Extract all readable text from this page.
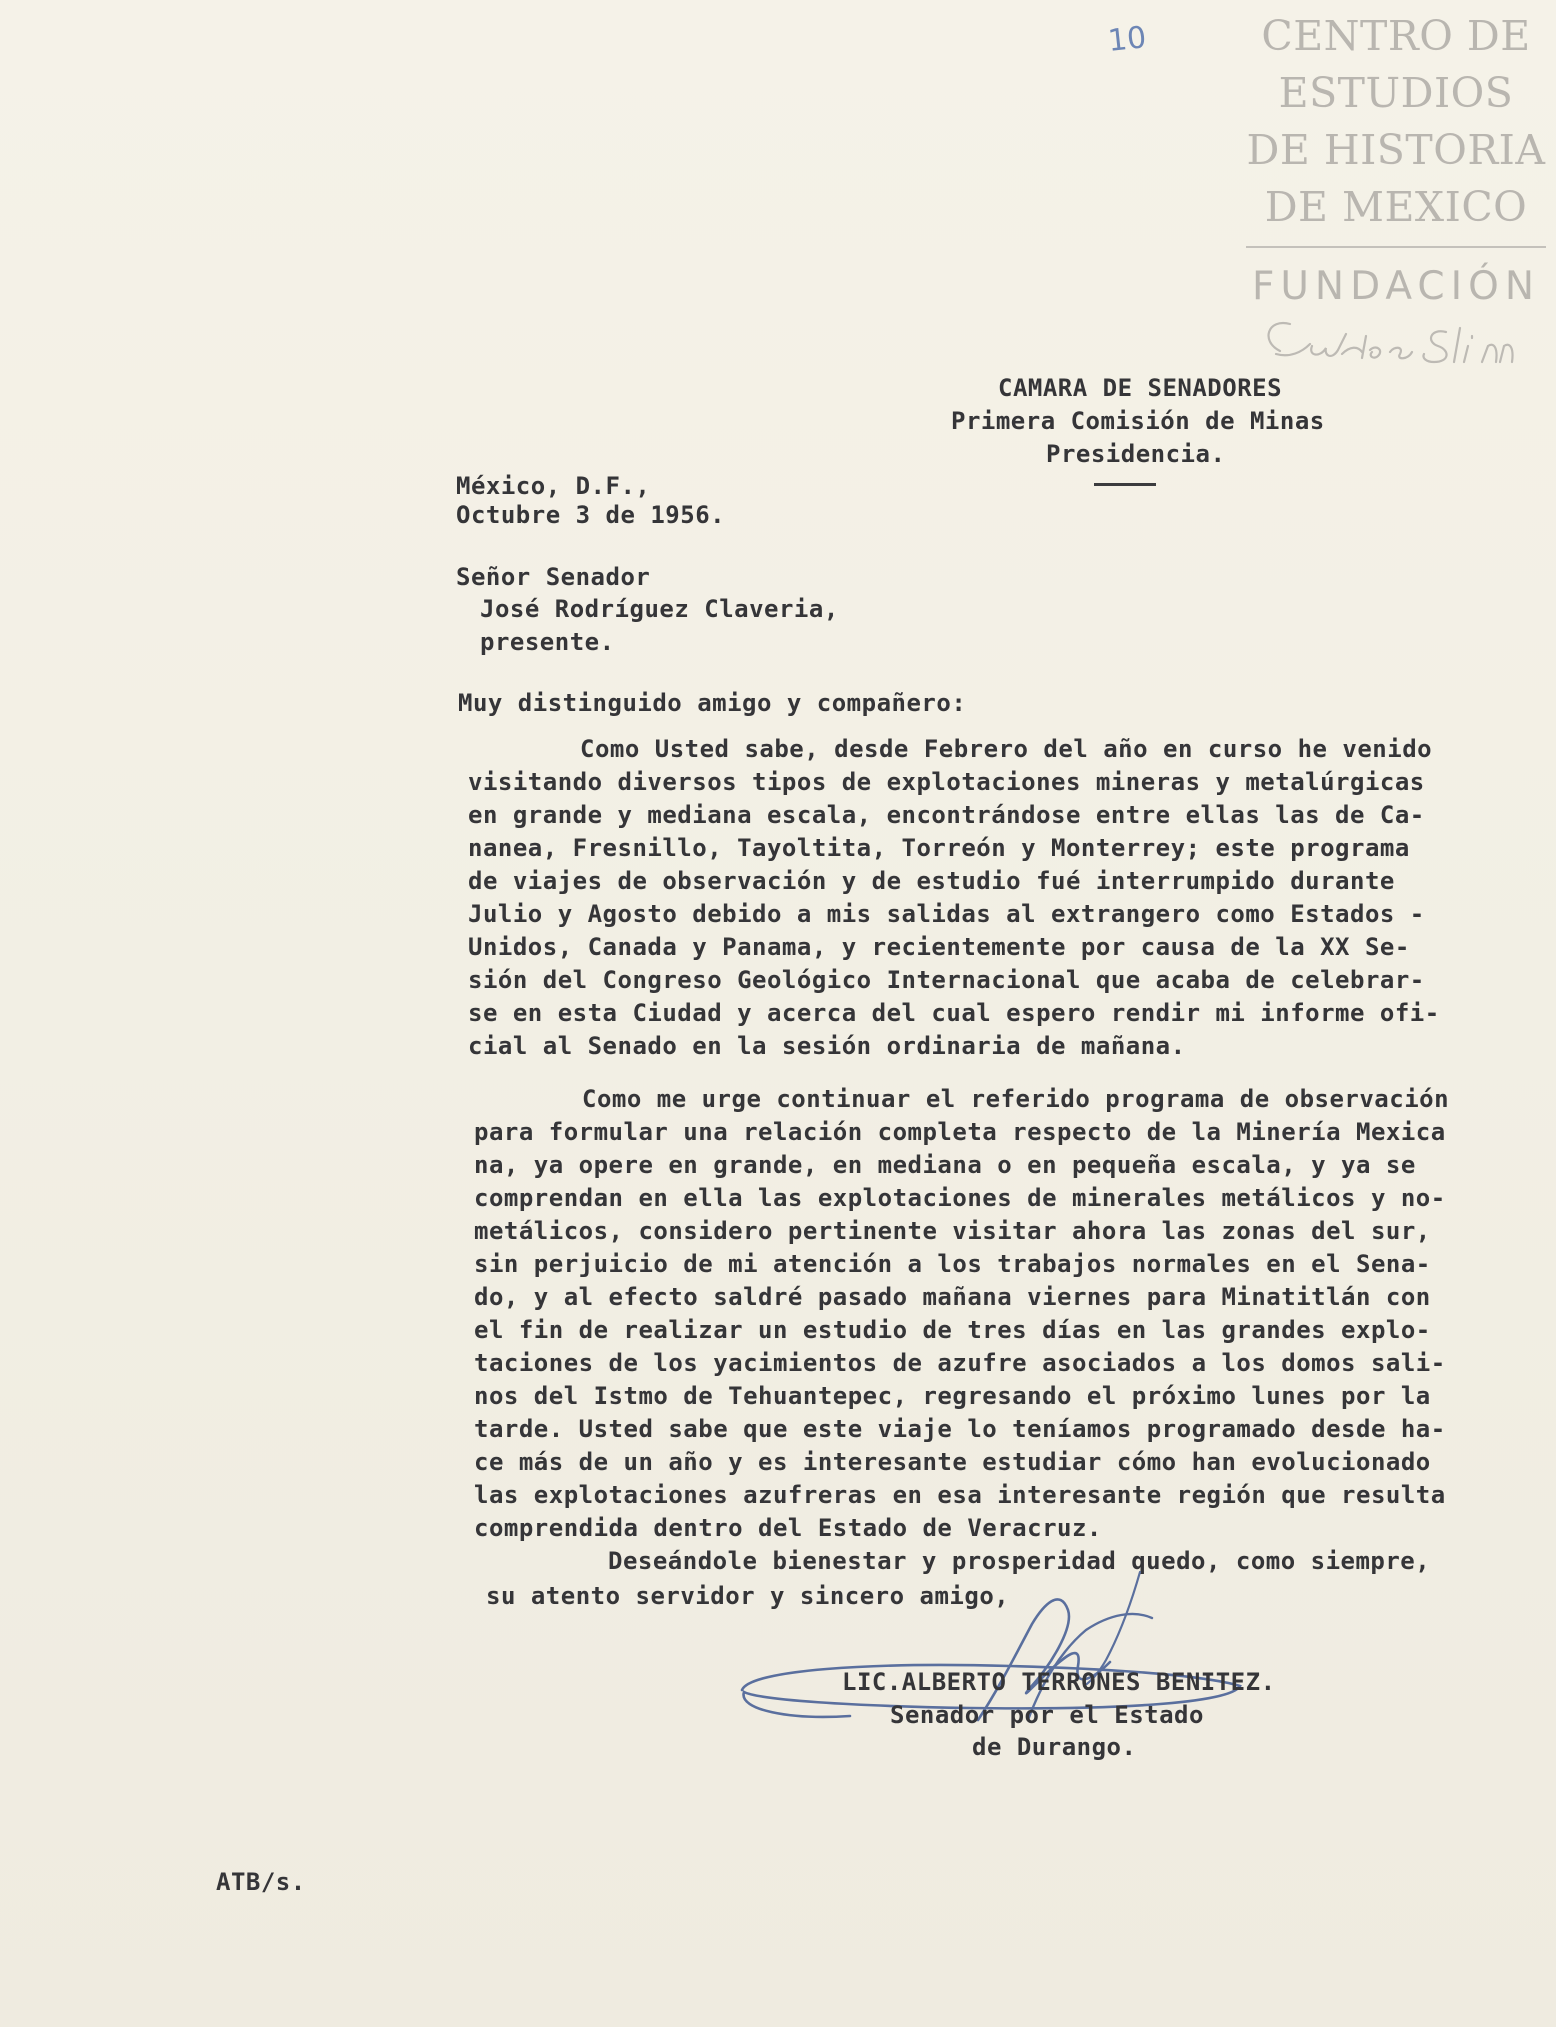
CENTRO DE
ESTUDIOS
DE HISTORIA
DE MEXICO
FUNDACIÓN
10
CAMARA DE SENADORES
Primera Comisión de Minas
Presidencia.
México, D.F.,
Octubre 3 de 1956.
Señor Senador
José Rodríguez Claveria,
presente.
Muy distinguido amigo y compañero:
Como Usted sabe, desde Febrero del año en curso he venido
visitando diversos tipos de explotaciones mineras y metalúrgicas
en grande y mediana escala, encontrándose entre ellas las de Ca-
nanea, Fresnillo, Tayoltita, Torreón y Monterrey; este programa
de viajes de observación y de estudio fué interrumpido durante
Julio y Agosto debido a mis salidas al extrangero como Estados -
Unidos, Canada y Panama, y recientemente por causa de la XX Se-
sión del Congreso Geológico Internacional que acaba de celebrar-
se en esta Ciudad y acerca del cual espero rendir mi informe ofi-
cial al Senado en la sesión ordinaria de mañana.
Como me urge continuar el referido programa de observación
para formular una relación completa respecto de la Minería Mexica
na, ya opere en grande, en mediana o en pequeña escala, y ya se
comprendan en ella las explotaciones de minerales metálicos y no-
metálicos, considero pertinente visitar ahora las zonas del sur,
sin perjuicio de mi atención a los trabajos normales en el Sena-
do, y al efecto saldré pasado mañana viernes para Minatitlán con
el fin de realizar un estudio de tres días en las grandes explo-
taciones de los yacimientos de azufre asociados a los domos sali-
nos del Istmo de Tehuantepec, regresando el próximo lunes por la
tarde. Usted sabe que este viaje lo teníamos programado desde ha-
ce más de un año y es interesante estudiar cómo han evolucionado
las explotaciones azufreras en esa interesante región que resulta
comprendida dentro del Estado de Veracruz.
Deseándole bienestar y prosperidad quedo, como siempre,
su atento servidor y sincero amigo,
LIC.ALBERTO TERRONES BENITEZ.
Senador por el Estado
de Durango.
ATB/s.
